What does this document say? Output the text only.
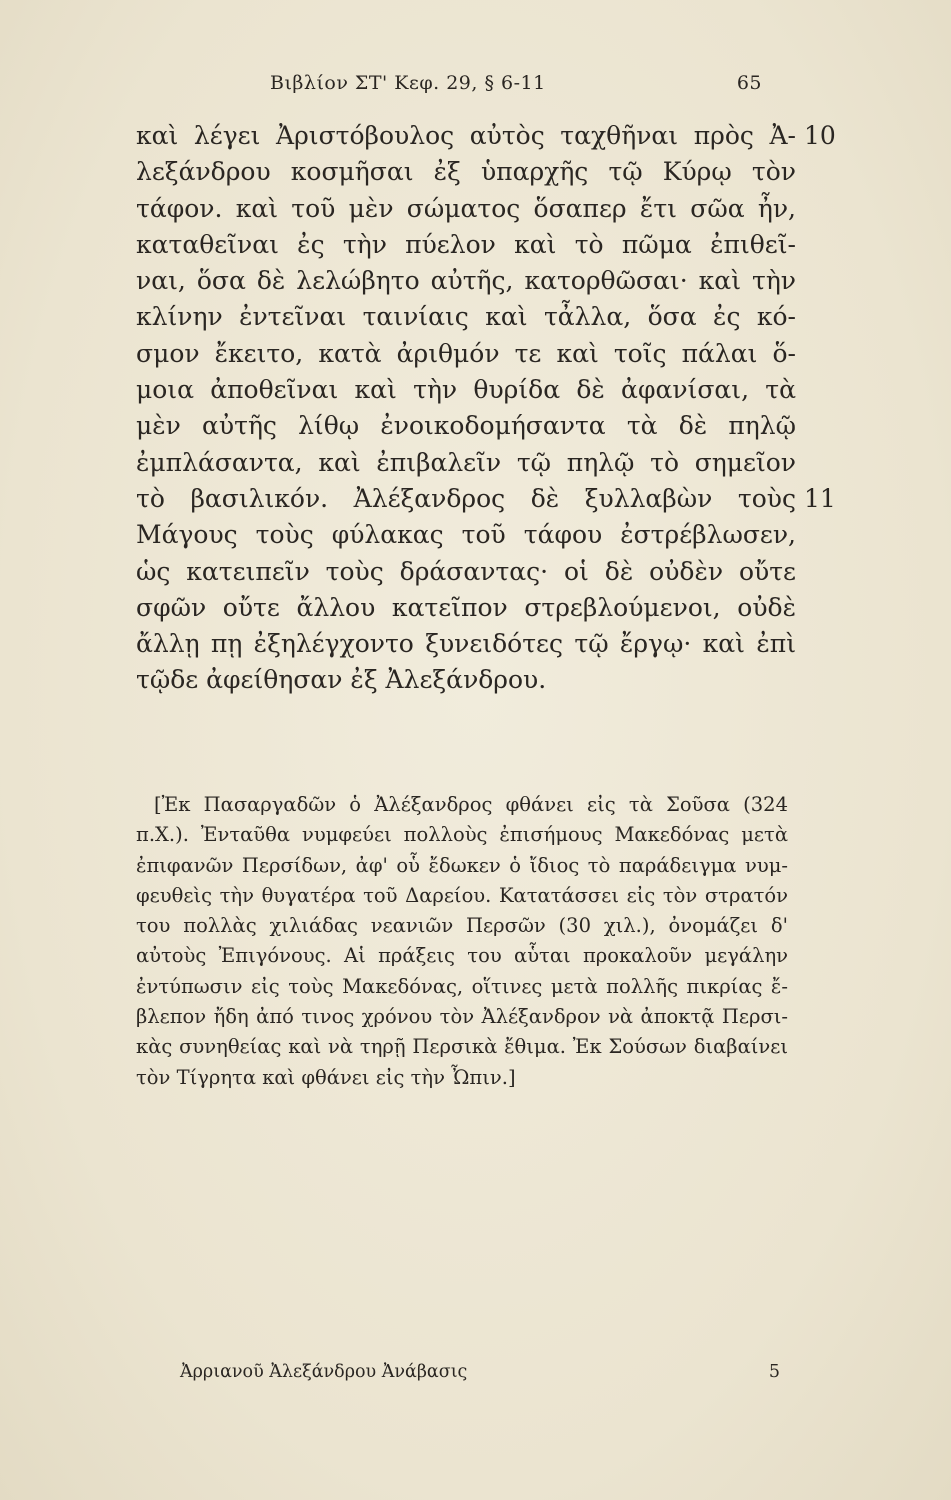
Βιβλίον ΣΤ' Κεφ. 29, § 6-11	65
10
11
καὶ λέγει Ἀριστόβουλος αὐτὸς ταχθῆναι πρὸς Ἀ-
λεξάνδρου κοσμῆσαι ἐξ ὑπαρχῆς τῷ Κύρῳ τὸν
τάφον. καὶ τοῦ μὲν σώματος ὅσαπερ ἔτι σῶα ἦν,
καταθεῖναι ἐς τὴν πύελον καὶ τὸ πῶμα ἐπιθεῖ-
ναι, ὅσα δὲ λελώβητο αὐτῆς, κατορθῶσαι· καὶ τὴν
κλίνην ἐντεῖναι ταινίαις καὶ τἆλλα, ὅσα ἐς κό-
σμον ἔκειτο, κατὰ ἀριθμόν τε καὶ τοῖς πάλαι ὅ-
μοια ἀποθεῖναι καὶ τὴν θυρίδα δὲ ἀφανίσαι, τὰ
μὲν αὐτῆς λίθῳ ἐνοικοδομήσαντα τὰ δὲ πηλῷ
ἐμπλάσαντα, καὶ ἐπιβαλεῖν τῷ πηλῷ τὸ σημεῖον
τὸ βασιλικόν. Ἀλέξανδρος δὲ ξυλλαβὼν τοὺς
Μάγους τοὺς φύλακας τοῦ τάφου ἐστρέβλωσεν,
ὡς κατειπεῖν τοὺς δράσαντας· οἱ δὲ οὐδὲν οὔτε
σφῶν οὔτε ἄλλου κατεῖπον στρεβλούμενοι, οὐδὲ
ἄλλῃ πῃ ἐξηλέγχοντο ξυνειδότες τῷ ἔργῳ· καὶ ἐπὶ
τῷδε ἀφείθησαν ἐξ Ἀλεξάνδρου.
[Ἐκ Πασαργαδῶν ὁ Ἀλέξανδρος φθάνει εἰς τὰ Σοῦσα (324
π.Χ.). Ἐνταῦθα νυμφεύει πολλοὺς ἐπισήμους Μακεδόνας μετὰ
ἐπιφανῶν Περσίδων, ἀφ' οὗ ἔδωκεν ὁ ἴδιος τὸ παράδειγμα νυμ-
φευθεὶς τὴν θυγατέρα τοῦ Δαρείου. Κατατάσσει εἰς τὸν στρατόν
του πολλὰς χιλιάδας νεανιῶν Περσῶν (30 χιλ.), ὀνομάζει δ'
αὐτοὺς Ἐπιγόνους. Αἱ πράξεις του αὗται προκαλοῦν μεγάλην
ἐντύπωσιν εἰς τοὺς Μακεδόνας, οἵτινες μετὰ πολλῆς πικρίας ἔ-
βλεπον ἤδη ἀπό τινος χρόνου τὸν Ἀλέξανδρον νὰ ἀποκτᾷ Περσι-
κὰς συνηθείας καὶ νὰ τηρῇ Περσικὰ ἔθιμα. Ἐκ Σούσων διαβαίνει
τὸν Τίγρητα καὶ φθάνει εἰς τὴν Ὦπιν.]
Ἀρριανοῦ Ἀλεξάνδρου Ἀνάβασις	5
